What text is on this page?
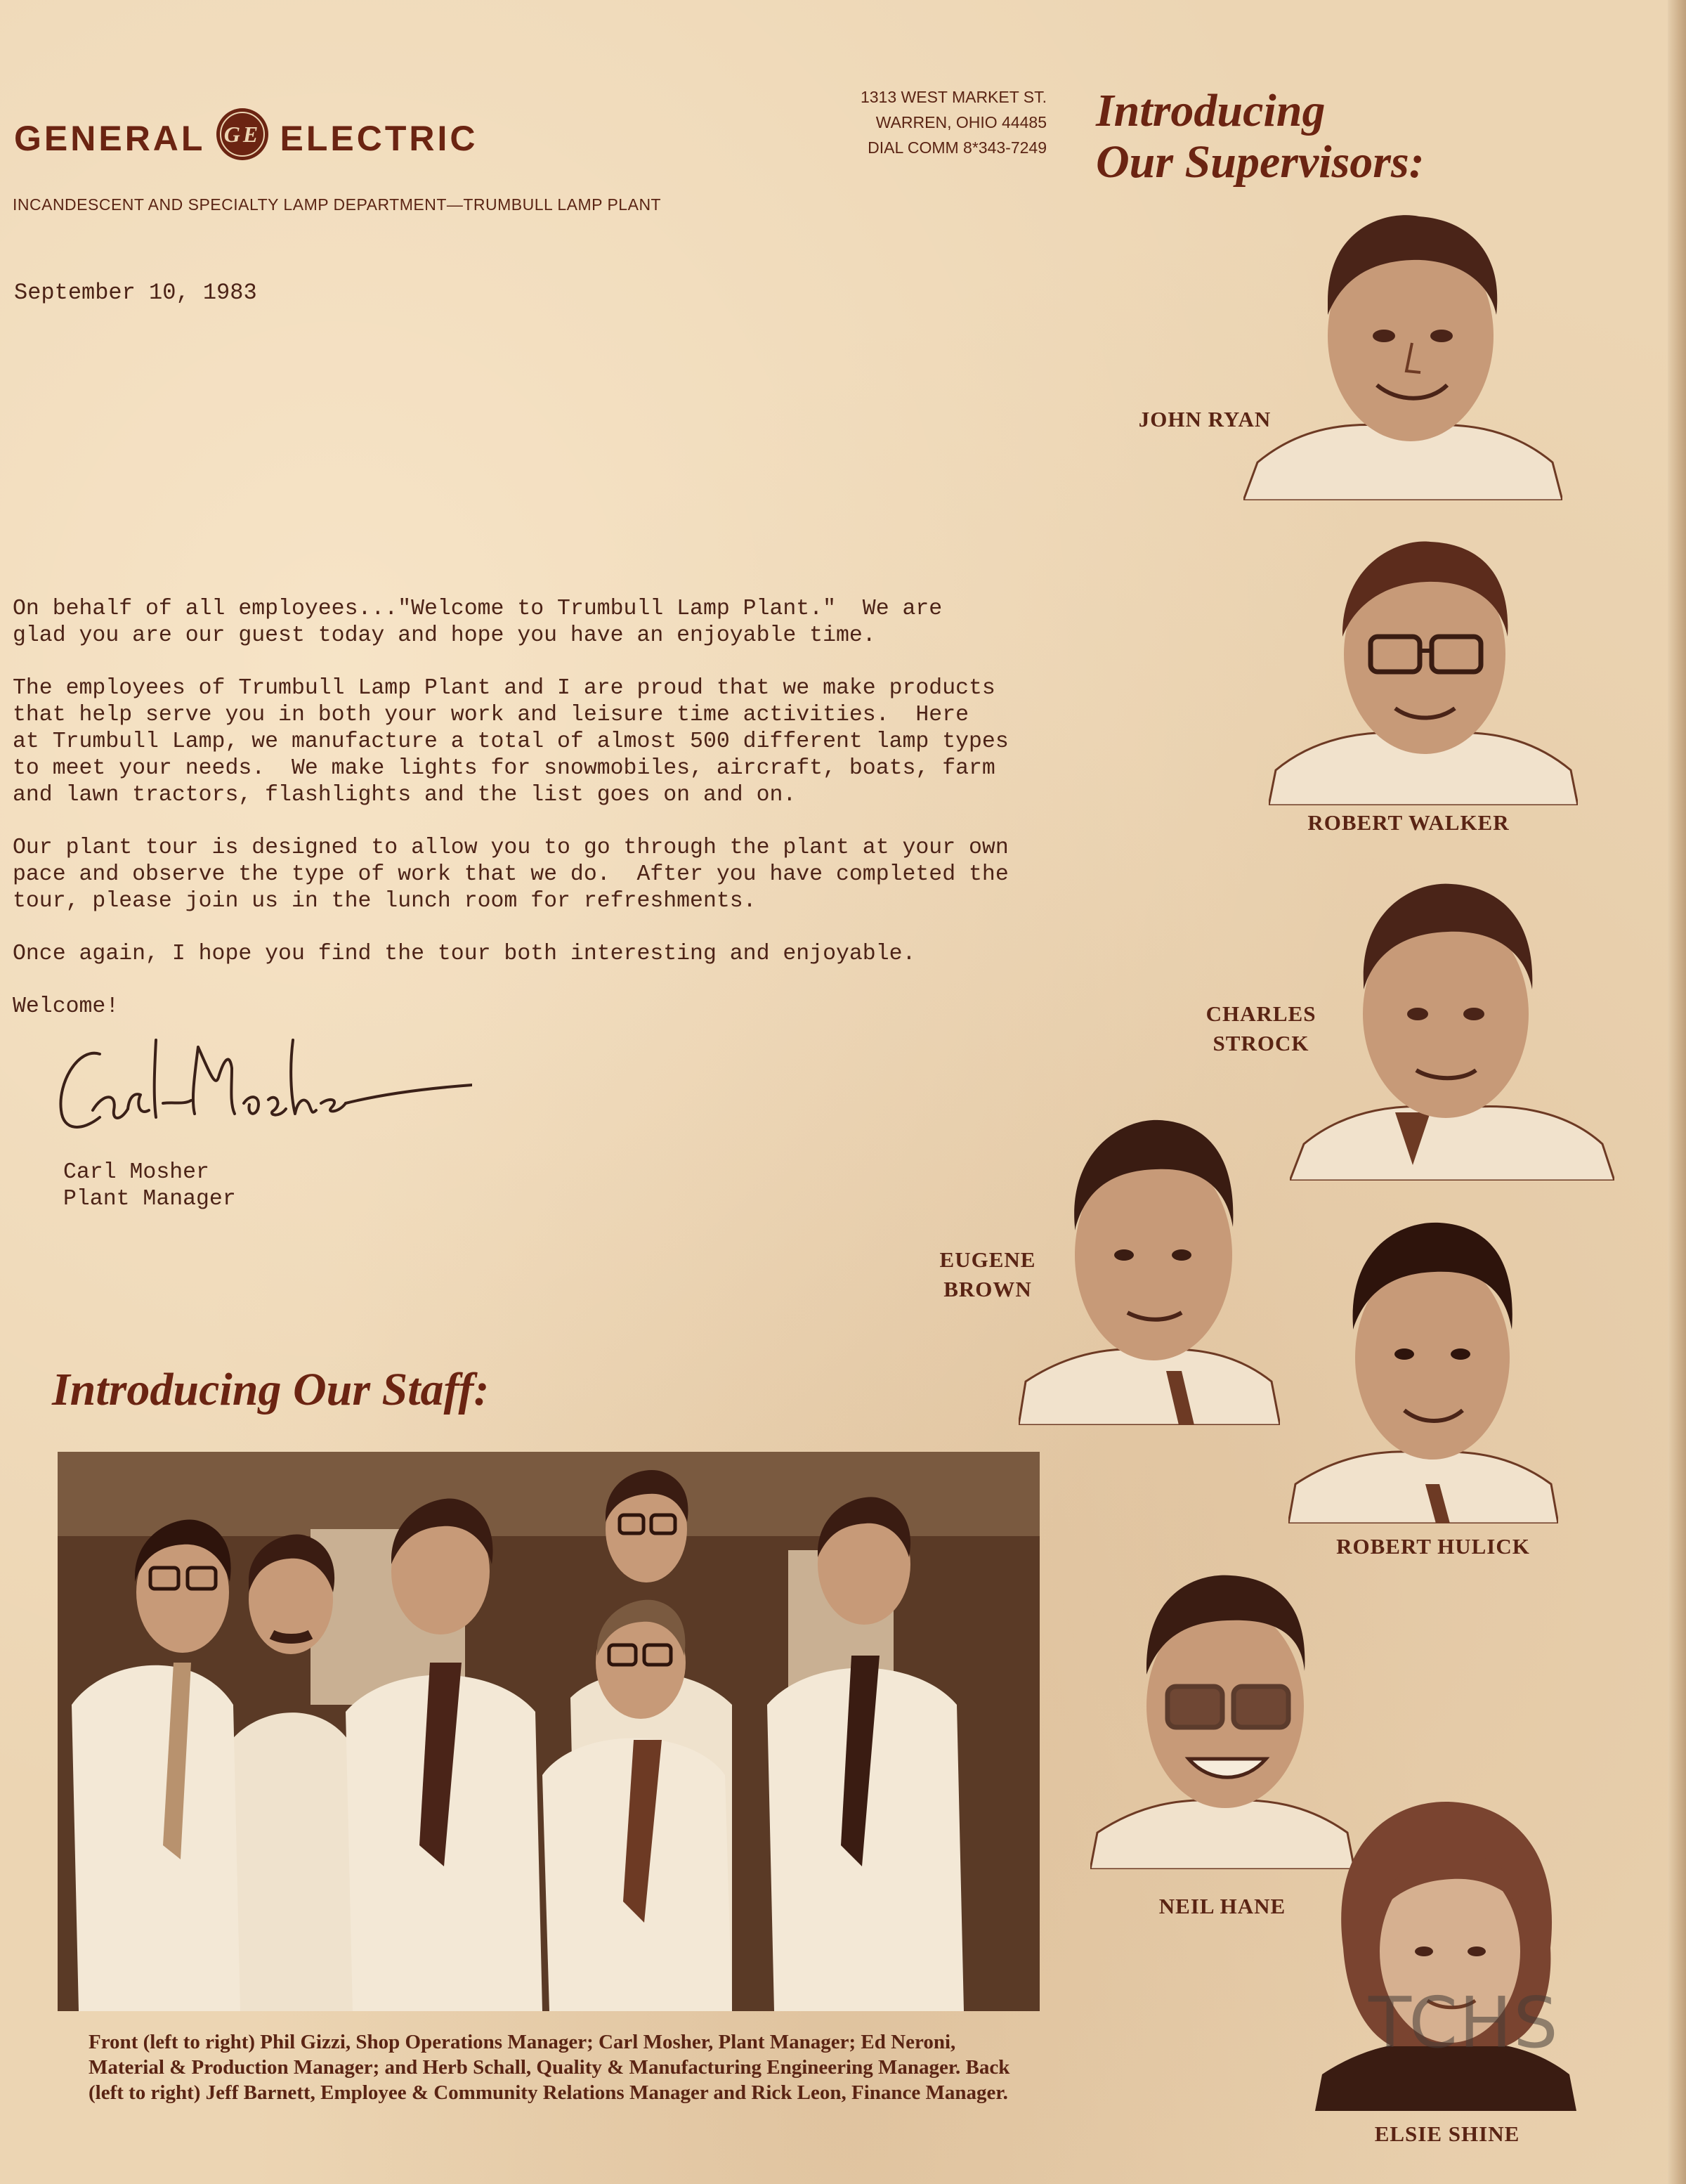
GENERAL GE ELECTRIC
1313 WEST MARKET ST.
WARREN, OHIO 44485
DIAL COMM 8*343-7249
INCANDESCENT AND SPECIALTY LAMP DEPARTMENT—TRUMBULL LAMP PLANT
September 10, 1983

On behalf of all employees..."Welcome to Trumbull Lamp Plant."  We are
glad you are our guest today and hope you have an enjoyable time.

The employees of Trumbull Lamp Plant and I are proud that we make products
that help serve you in both your work and leisure time activities.  Here
at Trumbull Lamp, we manufacture a total of almost 500 different lamp types
to meet your needs.  We make lights for snowmobiles, aircraft, boats, farm
and lawn tractors, flashlights and the list goes on and on.

Our plant tour is designed to allow you to go through the plant at your own
pace and observe the type of work that we do.  After you have completed the
tour, please join us in the lunch room for refreshments.

Once again, I hope you find the tour both interesting and enjoyable.

Welcome!

Carl Mosher
Plant Manager
Introducing
Our Supervisors:
JOHN RYAN
ROBERT WALKER
CHARLES
STROCK
EUGENE
BROWN
ROBERT HULICK
NEIL HANE
ELSIE SHINE
Introducing Our Staff:
Front (left to right) Phil Gizzi, Shop Operations Manager; Carl Mosher, Plant Manager; Ed Neroni, Material & Production Manager; and Herb Schall, Quality & Manufacturing Engineering Manager. Back (left to right) Jeff Barnett, Employee & Community Relations Manager and Rick Leon, Finance Manager.
TCHS
